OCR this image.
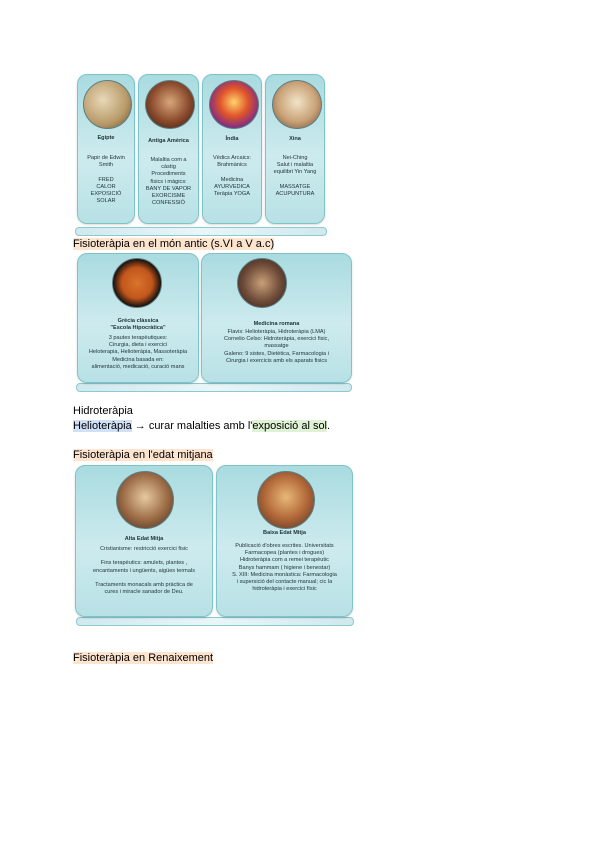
Egipte
Papir de Edwin
Smith

FRED
CALOR
EXPOSICIÓ SOLAR
Antiga Amèrica
Malaltia com a
càstig
Procediments
físics i màgics:
BANY DE VAPOR
EXORCISME
CONFESSIÓ
Índia
Vèdics Arcaics:
Brahmànics

Medicina
AYURVEDICA
Teràpia YOGA
Xina
Nei-Ching
Salut i malaltia
equilibri Yin Yang

MASSATGE
ACUPUNTURA
Fisioteràpia en el món antic (s.VI a V a.c)
Grècia clàssica
"Escola Hipocràtica"
3 pautes terapèutiques:
Cirurgia, dieta i exercici
Heloterapia, Helioteràpia, Massoteràpia
Medicina basada en:
alimentació, medicació, curació mans
Medicina romana
Flavis: Helioteràpia, Hidroteràpia (LMA)
Cornelio Celso: Hidroteràpia, exercici fisic,
massatge
Galeno: 9 sistes, Dietètica, Farmacologia i
Cirurgia i exercicis amb els aparats fisics
Hidroteràpia
Helioteràpia → curar malalties amb l'exposició al sol.
Fisioteràpia en l'edat mitjana
Alta Edat Mitja
Cristianisme: restricció exercici fisic

Fins terapèutics: amulets, plantes ,
encantaments i ungüents, aigües termals

Tractaments monacals amb pràctica de
cures i miracle sanador de Deu.
Baixa Edat Mitja
Publicació d'obres escrites. Universitats
Farmacopea (plantes i drogues)
Hidroteràpia com a remei terapèutic
Banys hammam ( higiene i benestar)
S. XIII: Medicina monàstica: Farmacologia
i supersició del contacte manual; cic la
hidroteràpia i exercici físic
Fisioteràpia en Renaixement
